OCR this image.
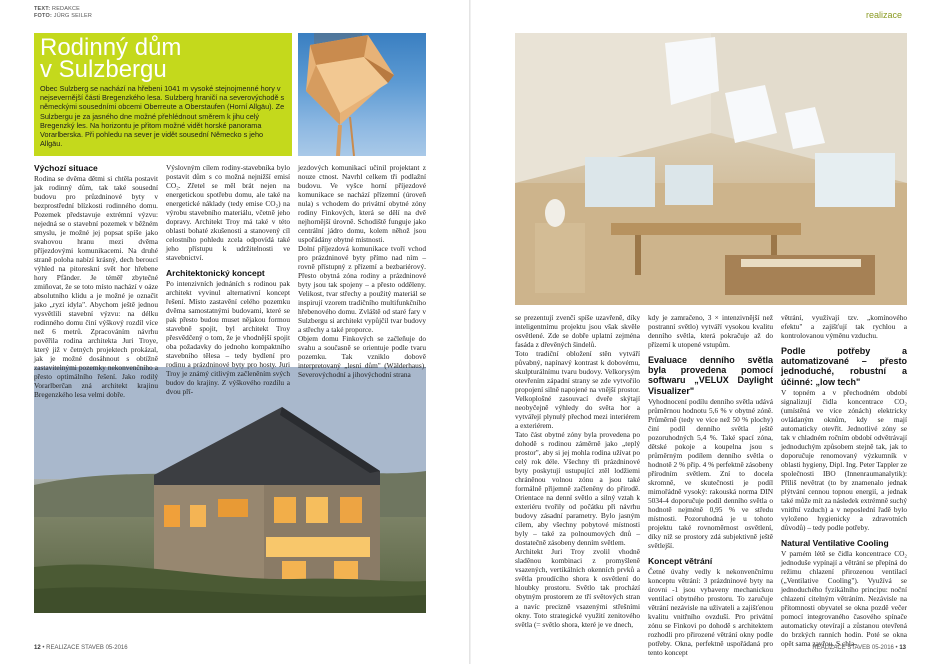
TEXT: REDAKCE
FOTO: JÜRG SEILER	realizace
Rodinný dům
v Sulzbergu

Obec Sulzberg se nachází na hřebeni 1041 m vysoké stejnojmenné hory v nejsevernější části Bregenzkého lesa. Sulzberg hraničí na severovýchodě s německými sousedními obcemi Oberreute a Oberstaufen (Horní Allgäu). Ze Sulzbergu je za jasného dne možné přehlédnout směrem k jihu celý Bregenzký les. Na horizontu je přitom možné vidět horské panorama Vorarlberska. Při pohledu na sever je vidět sousední Německo s jeho Allgäu.

Výchozí situace

Rodina se dvěma dětmi si chtěla postavit jak rodinný dům, tak také sousední budovu pro průzdninové byty v bezprostřední blízkosti rodinného domu. Pozemek představuje extrémní výzvu: nejedná se o stavební pozemek v běžném smyslu, je možné jej popsat spíše jako svahovou hranu mezi dvěma příjezdovými komunikacemi. Na druhé straně poloha nabízí krásný, dech beroucí výhled na pitoreskní svět hor hřebene hory Pfänder. Je téměř zbytečné zmiňovat, že se toto místo nachází v oáze absolutního klidu a je možné je označit jako „ryzí idyla". Abychom ještě jednou vysvětlili stavební výzvu: na délku rodinného domu činí výškový rozdíl více než 6 metrů. Zpracováním návrhu pověřila rodina architekta Juri Troye, který již v četných projektech prokázal, jak je možné dosáhnout s obtížně zastavitelnými pozemky nekonvenčního a přesto optimálního řešení. Jako rodilý Vorarlberčan zná architekt krajinu Bregenzkého lesa velmi dobře.

Výslovným cílem rodiny-stavebníka bylo postavit dům s co možná nejnižší emisí CO₂. Zřetel se měl brát nejen na energetickou spotřebu domu, ale také na energetické náklady (tedy emise CO₂) na výrobu stavebního materiálu, včetně jeho dopravy. Architekt Troy má také v této oblasti bohaté zkušenosti a stanovený cíl celostního pohledu zcela odpovídá také jeho přístupu k udržitelnosti ve stavebnictví.

Architektonický koncept

Po intenzivních jednáních s rodinou pak architekt vyvinul alternativní koncept řešení. Místo zastavění celého pozemku dvěma samostatnými budovami, které se pak přesto budou muset nějakou formou stavebně spojit, byl architekt Troy přesvědčený o tom, že je vhodnější spojit oba požadavky do jednoho kompaktního stavebního tělesa – tedy bydlení pro rodinu a prázdninové byty pro hosty. Juri Troy je známý citlivým začleněním svých budov do krajiny. Z výškového rozdílu a dvou pří-

jezdových komunikací učinil projektant z nouze ctnost. Navrhl celkem tři podlažní budovu. Ve vyšce horní příjezdové komunikace se nachází přízemní (úroveň nula) s vchodem do privátní obytné zóny rodiny Finkových, která se dělí na dvě nejhornější úrovně. Schodiště funguje jako centrální jádro domu, kolem něhož jsou uspořádány obytné místnosti.

Dolní příjezdová komunikace tvoří vchod pro prázdninové byty přímo nad ním – rovně přístupný z přízemí a bezbariérový. Přesto obytná zóna rodiny a prázdninové byty jsou tak spojeny – a přesto odděleny. Velikost, tvar střechy a použitý materiál se inspirují vzorem tradičního multifunkčního hřebenového domu. Zvláště od staré fary v Sulzbergu si architekt vypůjčil tvar budovy a střechy a také proporce.

Objem domu Finkových se začleňuje do svahu a současně se orientuje podle tvaru pozemku. Tak vzniklo dobově interpretovaný „lesní dům" (Wälderhaus). Severovýchodní a jihovýchodní strana

se prezentují zvenčí spíše uzavřeně, díky inteligentnímu projektu jsou však skvěle osvětlené. Zde se dobře uplatní zejména fasáda z dřevěných šindelů.

Toto tradiční obložení stěn vytváří půvabný, napínavý kontrast k dobovému, skulpturálnímu tvaru budovy. Velkorysým otevřením západní strany se zde vytvořilo propojení silně napojené na vnější prostor. Velkoplošné zasouvací dveře skýtají neobyčejně výhledy do světa hor a vytvářejí plynulý přechod mezi interiérem a exteriérem.

Tato část obytné zóny byla provedena po dohodě s rodinou záměrně jako „teplý prostor", aby si jej mohla rodina užívat po celý rok déle. Všechny tři prázdninové byty poskytují ustupující ztěl lodžiemi chráněnou volnou zónu a jsou také formálně přijemně začleněny do přírodě. Orientace na denní světlo a silný vztah k exteriéru tvořily od počátku při návrhu budovy zásadní parametry. Bylo jasným cílem, aby všechny pobytové místnosti byly – také za polnoumových dnů – dostatečně zásobeny denním světlem.

Architekt Juri Troy zvolil vhodně sladěnou kombinaci z promyšleně vsazených, vertikálních okenních prvků a světla proudícího shora k osvětlení do hloubky prostoru. Světlo tak prochází obytným prostorem ze tří světových stran a navíc precizně vsazenými střešními okny. Toto strategické využití zenitového světla (= světlo shora, které je ve dnech,

kdy je zamračeno, 3 × intenzivnější než postranní světlo) vytváří vysokou kvalitu denního světla, která pokračuje až do přízemí k utopené vstupům.

Evaluace denního světla byla provedena pomocí softwaru „VELUX Daylight Visualizer"

Vyhodnocení podílu denního světla udává průměrnou hodnotu 5,6 % v obytné zóně. Průměrně (tedy ve více než 50 % plochy) činí podíl denního světla ještě pozoruhodných 5,4 %. Také spací zóna, dětské pokoje a koupelna jsou s průměrným podílem denního světla o hodnotě 2 % přip. 4 % perfektně zásobeny přírodním světlem. Zní to docela skromně, ve skutečnosti je podíl mimořádně vysoký: rakouská norma DIN 5034-4 doporučuje podíl denního světla o hodnotě nejméně 0,95 % ve středu místnosti. Pozoruhodná je u tohoto projektu také rovnoměrnost osvětlení, díky níž se prostory zdá subjektivně ještě světlejší.

Koncept větrání

Četné úvahy vedly k nekonvenčnímu konceptu větrání: 3 prázdninové byty na úrovni -1 jsou vybaveny mechanickou ventilací obytného prostoru. To zaručuje větrání nezávisle na uživateli a zajišťenou kvalitu vnitřního ovzduší. Pro privátní zónu se Finkovi po dohodě s architektem rozhodli pro přirozené větrání okny podle potřeby. Okna, perfektně uspořádaná pro tento koncept

větrání, využívají tzv. „komínového efektu" a zajišťují tak rychlou a kontrolovanou výměnu vzduchu.

Podle potřeby a automatizované – přesto jednoduché, robustní a účinné: „low tech"

V topném a v přechodném období signalizují čidla koncentrace CO₂ (umístěná ve více zónách) elektricky ovládaným oknům, kdy se mají automaticky otevřít. Jednotlivé zóny se tak v chladném ročním období odvětrávají jednoduchým způsobem stejně tak, jak to doporučuje renomovaný výzkumník v oblasti hygieny, Dipl. Ing. Peter Tappler ze společnosti IBO (Innenraumanalytik): Příliš nevětrat (to by znamenalo jednak plýtvání cennou topnou energií, a jednak také může mít za následek extrémně suchý vnitřní vzduch) a v neposlední řadě bylo vyloženo hygienicky a zdravotních důvodů) – tedy podle potřeby.

Natural Ventilative Cooling

V parném létě se čidla koncentrace CO₂ jednoduše vypínají a větrání se přepíná do režimu chlazení přirozenou ventilací („Ventilative Cooling"). Využívá se jednoduchého fyzikálního principu: noční chlazení citelným větráním. Nezávisle na přítomnosti obyvatel se okna pozdě večer pomocí integrovaného časového spínače automaticky otevírají a zůstanou otevřená do brzkých ranních hodin. Poté se okna opět sama zavřou. S chla-

12 • REALIZACE STAVEB 05-2016	REALIZACE STAVEB 05-2016 • 13
